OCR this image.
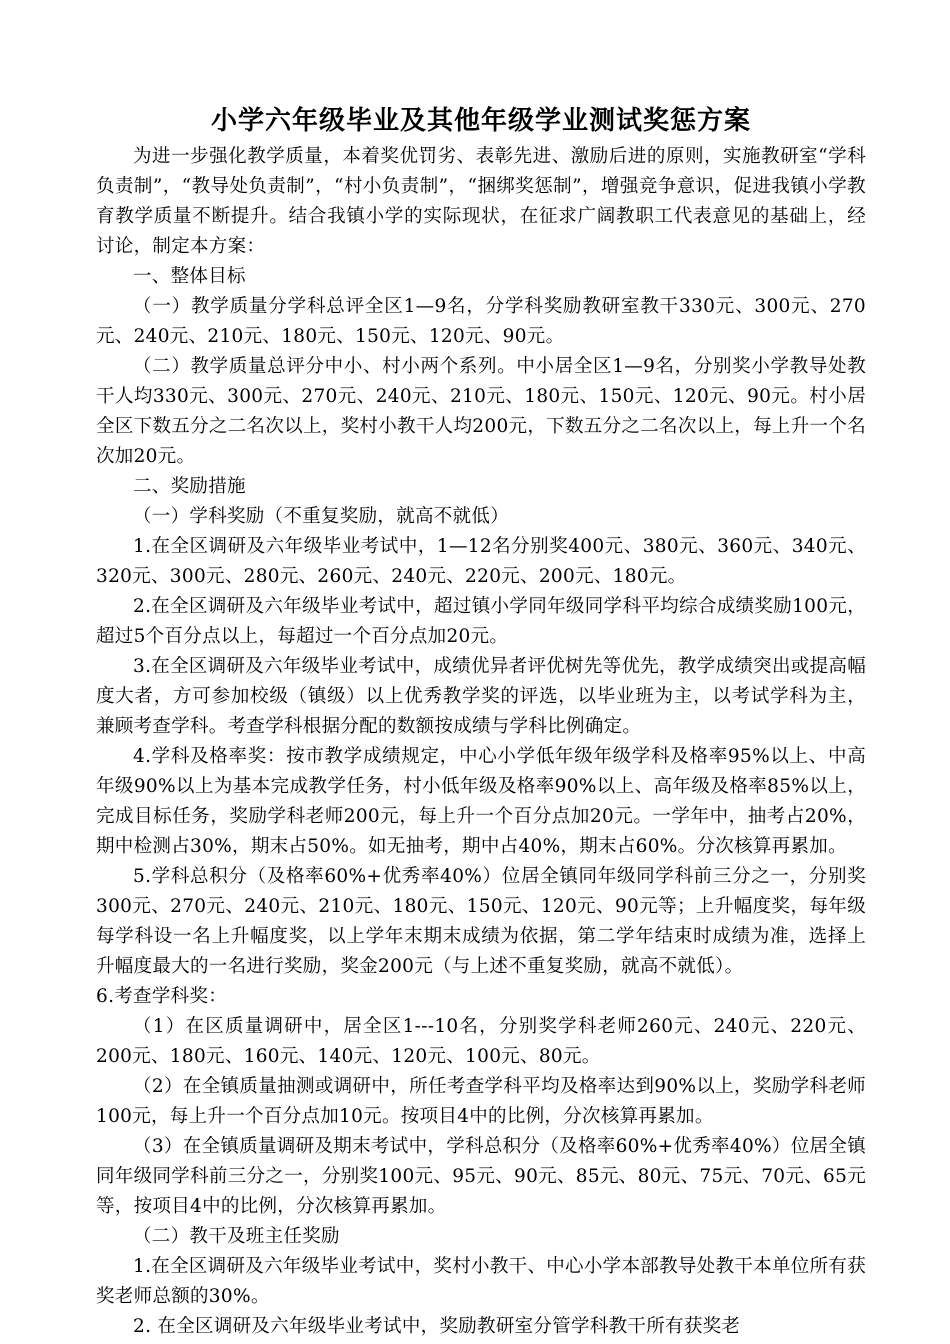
小学六年级毕业及其他年级学业测试奖惩方案

为进一步强化教学质量，本着奖优罚劣、表彰先进、激励后进的原则，实施教研室“学科负责制”，“教导处负责制”，“村小负责制”，“捆绑奖惩制”，增强竞争意识，促进我镇小学教育教学质量不断提升。结合我镇小学的实际现状，在征求广阔教职工代表意见的基础上，经讨论，制定本方案：

一、整体目标

（一）教学质量分学科总评全区1—9名，分学科奖励教研室教干330元、300元、270元、240元、210元、180元、150元、120元、90元。

（二）教学质量总评分中小、村小两个系列。中小居全区1—9名，分别奖小学教导处教干人均330元、300元、270元、240元、210元、180元、150元、120元、90元。村小居全区下数五分之二名次以上，奖村小教干人均200元，下数五分之二名次以上，每上升一个名次加20元。

二、奖励措施

（一）学科奖励（不重复奖励，就高不就低）

1.在全区调研及六年级毕业考试中，1—12名分别奖400元、380元、360元、340元、320元、300元、280元、260元、240元、220元、200元、180元。

2.在全区调研及六年级毕业考试中，超过镇小学同年级同学科平均综合成绩奖励100元，超过5个百分点以上，每超过一个百分点加20元。

3.在全区调研及六年级毕业考试中，成绩优异者评优树先等优先，教学成绩突出或提高幅度大者，方可参加校级（镇级）以上优秀教学奖的评选，以毕业班为主，以考试学科为主，兼顾考查学科。考查学科根据分配的数额按成绩与学科比例确定。

4.学科及格率奖：按市教学成绩规定，中心小学低年级年级学科及格率95%以上、中高年级90%以上为基本完成教学任务，村小低年级及格率90%以上、高年级及格率85%以上，完成目标任务，奖励学科老师200元，每上升一个百分点加20元。一学年中，抽考占20%，期中检测占30%，期末占50%。如无抽考，期中占40%，期末占60%。分次核算再累加。

5.学科总积分（及格率60%+优秀率40%）位居全镇同年级同学科前三分之一，分别奖300元、270元、240元、210元、180元、150元、120元、90元等；上升幅度奖，每年级每学科设一名上升幅度奖，以上学年末期末成绩为依据，第二学年结束时成绩为准，选择上升幅度最大的一名进行奖励，奖金200元（与上述不重复奖励，就高不就低）。

6.考查学科奖：

（1）在区质量调研中，居全区1---10名，分别奖学科老师260元、240元、220元、200元、180元、160元、140元、120元、100元、80元。

（2）在全镇质量抽测或调研中，所任考查学科平均及格率达到90%以上，奖励学科老师100元，每上升一个百分点加10元。按项目4中的比例，分次核算再累加。

（3）在全镇质量调研及期末考试中，学科总积分（及格率60%+优秀率40%）位居全镇同年级同学科前三分之一，分别奖100元、95元、90元、85元、80元、75元、70元、65元等，按项目4中的比例，分次核算再累加。

（二）教干及班主任奖励

1.在全区调研及六年级毕业考试中，奖村小教干、中心小学本部教导处教干本单位所有获奖老师总额的30%。

2. 在全区调研及六年级毕业考试中，奖励教研室分管学科教干所有获奖老
